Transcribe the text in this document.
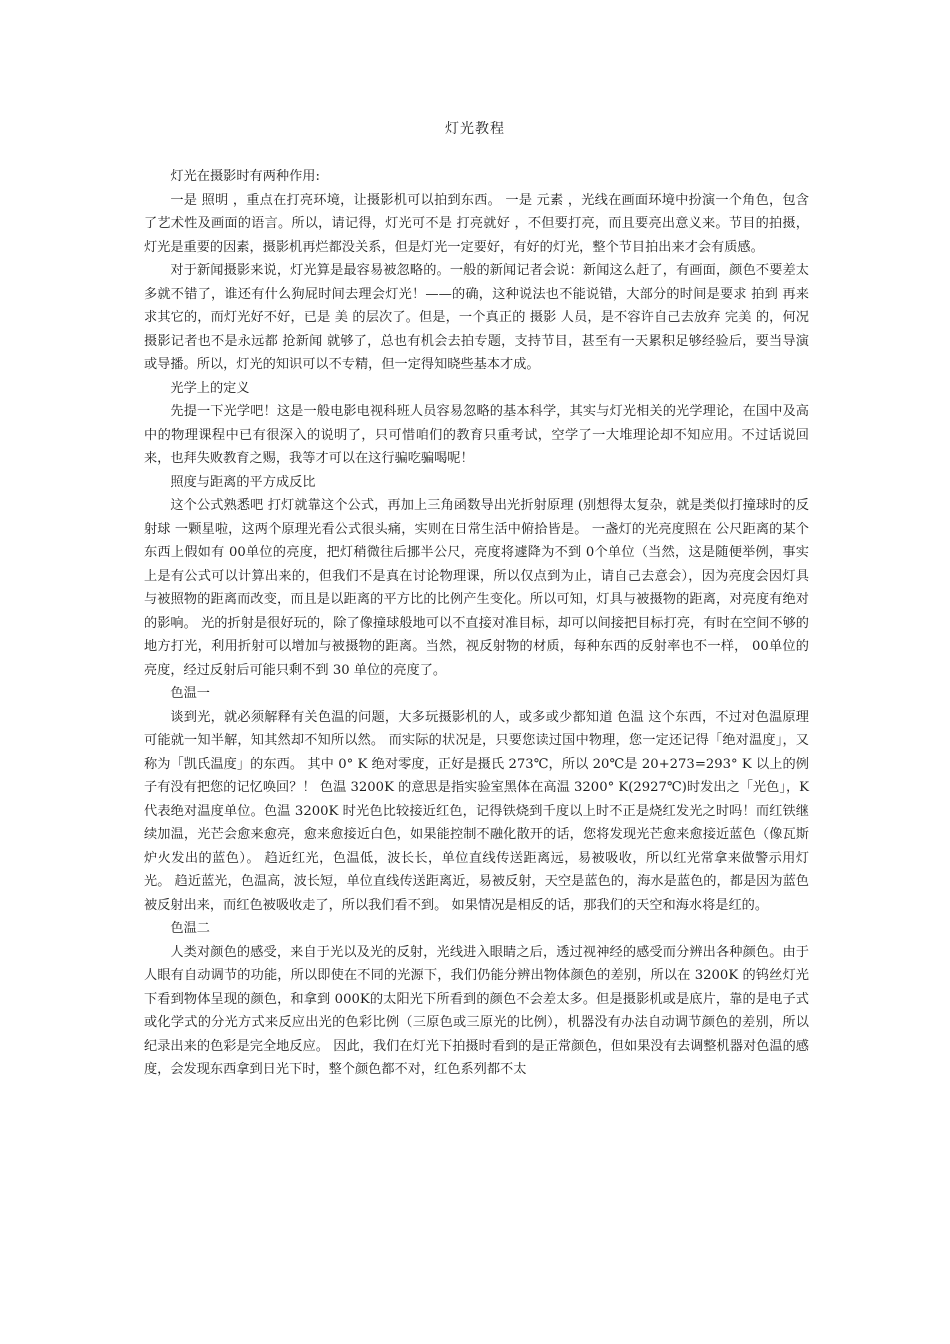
灯光教程

灯光在摄影时有两种作用:

一是 照明 ，重点在打亮环境，让摄影机可以拍到东西。 一是 元素 ，光线在画面环境中扮演一个角色，包含了艺术性及画面的语言。所以，请记得，灯光可不是 打亮就好 ，不但要打亮，而且要亮出意义来。节目的拍摄，灯光是重要的因素，摄影机再烂都没关系，但是灯光一定要好，有好的灯光，整个节目拍出来才会有质感。

对于新闻摄影来说，灯光算是最容易被忽略的。一般的新闻记者会说：新闻这么赶了，有画面，颜色不要差太多就不错了，谁还有什么狗屁时间去理会灯光！——的确，这种说法也不能说错，大部分的时间是要求 拍到 再来求其它的，而灯光好不好，已是 美 的层次了。但是，一个真正的 摄影 人员，是不容许自己去放弃 完美 的，何况摄影记者也不是永远都 抢新闻 就够了，总也有机会去拍专题，支持节目，甚至有一天累积足够经验后，要当导演或导播。所以，灯光的知识可以不专精，但一定得知晓些基本才成。

光学上的定义

先提一下光学吧！这是一般电影电视科班人员容易忽略的基本科学，其实与灯光相关的光学理论，在国中及高中的物理课程中已有很深入的说明了，只可惜咱们的教育只重考试，空学了一大堆理论却不知应用。不过话说回来，也拜失败教育之赐，我等才可以在这行骗吃骗喝呢！

照度与距离的平方成反比

这个公式熟悉吧 打灯就靠这个公式，再加上三角函数导出光折射原理 (别想得太复杂，就是类似打撞球时的反射球 一颗星啦，这两个原理光看公式很头痛，实则在日常生活中俯拾皆是。 一盏灯的光亮度照在 公尺距离的某个东西上假如有 00单位的亮度，把灯稍微往后挪半公尺，亮度将遽降为不到 0个单位（当然，这是随便举例，事实上是有公式可以计算出来的，但我们不是真在讨论物理课，所以仅点到为止，请自己去意会），因为亮度会因灯具与被照物的距离而改变，而且是以距离的平方比的比例产生变化。所以可知，灯具与被摄物的距离，对亮度有绝对的影响。 光的折射是很好玩的，除了像撞球般地可以不直接对准目标，却可以间接把目标打亮，有时在空间不够的地方打光，利用折射可以增加与被摄物的距离。当然，视反射物的材质，每种东西的反射率也不一样， 00单位的亮度，经过反射后可能只剩不到 30 单位的亮度了。

色温一

谈到光，就必须解释有关色温的问题，大多玩摄影机的人，或多或少都知道 色温 这个东西，不过对色温原理可能就一知半解，知其然却不知所以然。 而实际的状况是，只要您读过国中物理，您一定还记得「绝对温度」，又称为「凯氏温度」的东西。 其中 0° K 绝对零度，正好是摄氏 273℃，所以 20℃是 20+273=293° K 以上的例子有没有把您的记忆唤回？！ 色温 3200K 的意思是指实验室黑体在高温 3200° K(2927℃)时发出之「光色」，K 代表绝对温度单位。色温 3200K 时光色比较接近红色，记得铁烧到千度以上时不正是烧红发光之时吗！而红铁继续加温，光芒会愈来愈亮，愈来愈接近白色，如果能控制不融化散开的话，您将发现光芒愈来愈接近蓝色（像瓦斯炉火发出的蓝色）。 趋近红光，色温低，波长长，单位直线传送距离远，易被吸收，所以红光常拿来做警示用灯光。 趋近蓝光，色温高，波长短，单位直线传送距离近，易被反射，天空是蓝色的，海水是蓝色的，都是因为蓝色被反射出来，而红色被吸收走了，所以我们看不到。 如果情况是相反的话，那我们的天空和海水将是红的。

色温二

人类对颜色的感受，来自于光以及光的反射，光线进入眼睛之后，透过视神经的感受而分辨出各种颜色。由于人眼有自动调节的功能，所以即使在不同的光源下，我们仍能分辨出物体颜色的差别，所以在 3200K 的钨丝灯光下看到物体呈现的颜色，和拿到 000K的太阳光下所看到的颜色不会差太多。但是摄影机或是底片，靠的是电子式或化学式的分光方式来反应出光的色彩比例（三原色或三原光的比例），机器没有办法自动调节颜色的差别，所以纪录出来的色彩是完全地反应。 因此，我们在灯光下拍摄时看到的是正常颜色，但如果没有去调整机器对色温的感度，会发现东西拿到日光下时，整个颜色都不对，红色系列都不太
